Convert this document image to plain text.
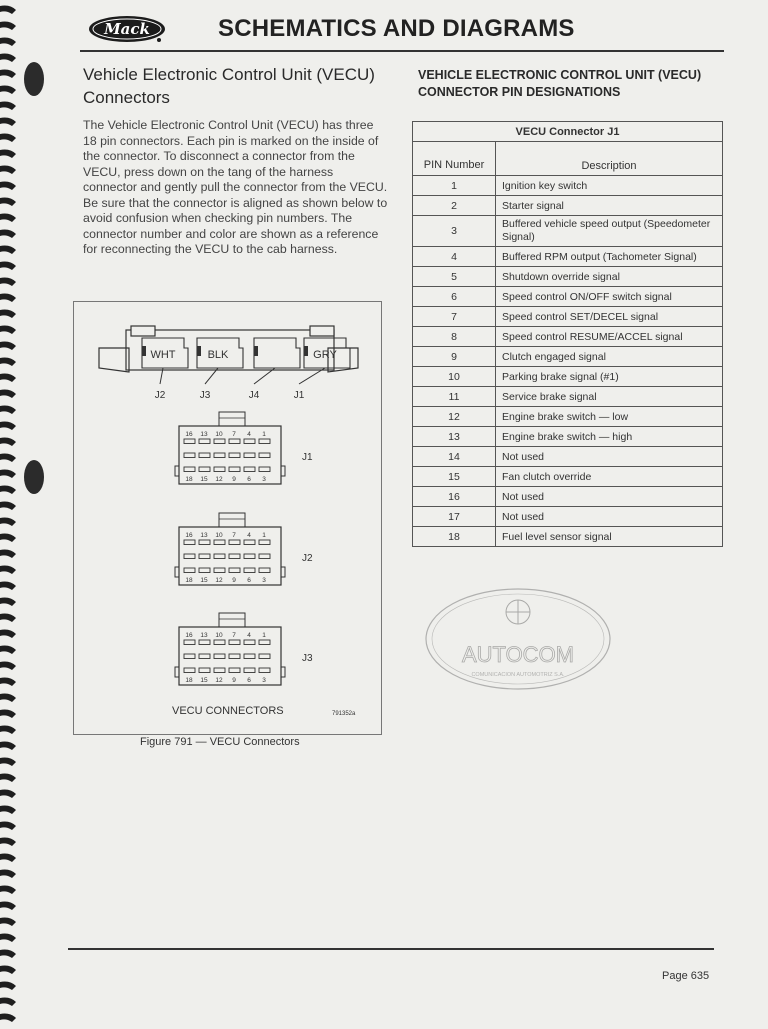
Mack	SCHEMATICS AND DIAGRAMS
Vehicle Electronic Control Unit (VECU) Connectors
The Vehicle Electronic Control Unit (VECU) has three 18 pin connectors. Each pin is marked on the inside of the connector. To disconnect a connector from the VECU, press down on the tang of the harness connector and gently pull the connector from the VECU. Be sure that the connector is aligned as shown below to avoid confusion when checking pin numbers. The connector number and color are shown as a reference for reconnecting the VECU to the cab harness.
WHT
J2
BLK
J3	J4
GRY
J1
16 13 10 7 4 1
18 15 12 9 6 3
J1
16 13 10 7 4 1
18 15 12 9 6 3
J2
16 13 10 7 4 1
18 15 12 9 6 3
J3
VECU CONNECTORS	791352a
Figure 791 — VECU Connectors
VEHICLE ELECTRONIC CONTROL UNIT (VECU) CONNECTOR PIN DESIGNATIONS
VECU Connector J1	
PIN Number	Description
1	Ignition key switch
2	Starter signal
3	Buffered vehicle speed output (Speedometer Signal)
4	Buffered RPM output (Tachometer Signal)
5	Shutdown override signal
6	Speed control ON/OFF switch signal
7	Speed control SET/DECEL signal
8	Speed control RESUME/ACCEL signal
9	Clutch engaged signal
10	Parking brake signal (#1)
11	Service brake signal
12	Engine brake switch — low
13	Engine brake switch — high
14	Not used
15	Fan clutch override
16	Not used
17	Not used
18	Fuel level sensor signal
AUTOCOM
COMUNICACION AUTOMOTRIZ S.A.
Page 635
